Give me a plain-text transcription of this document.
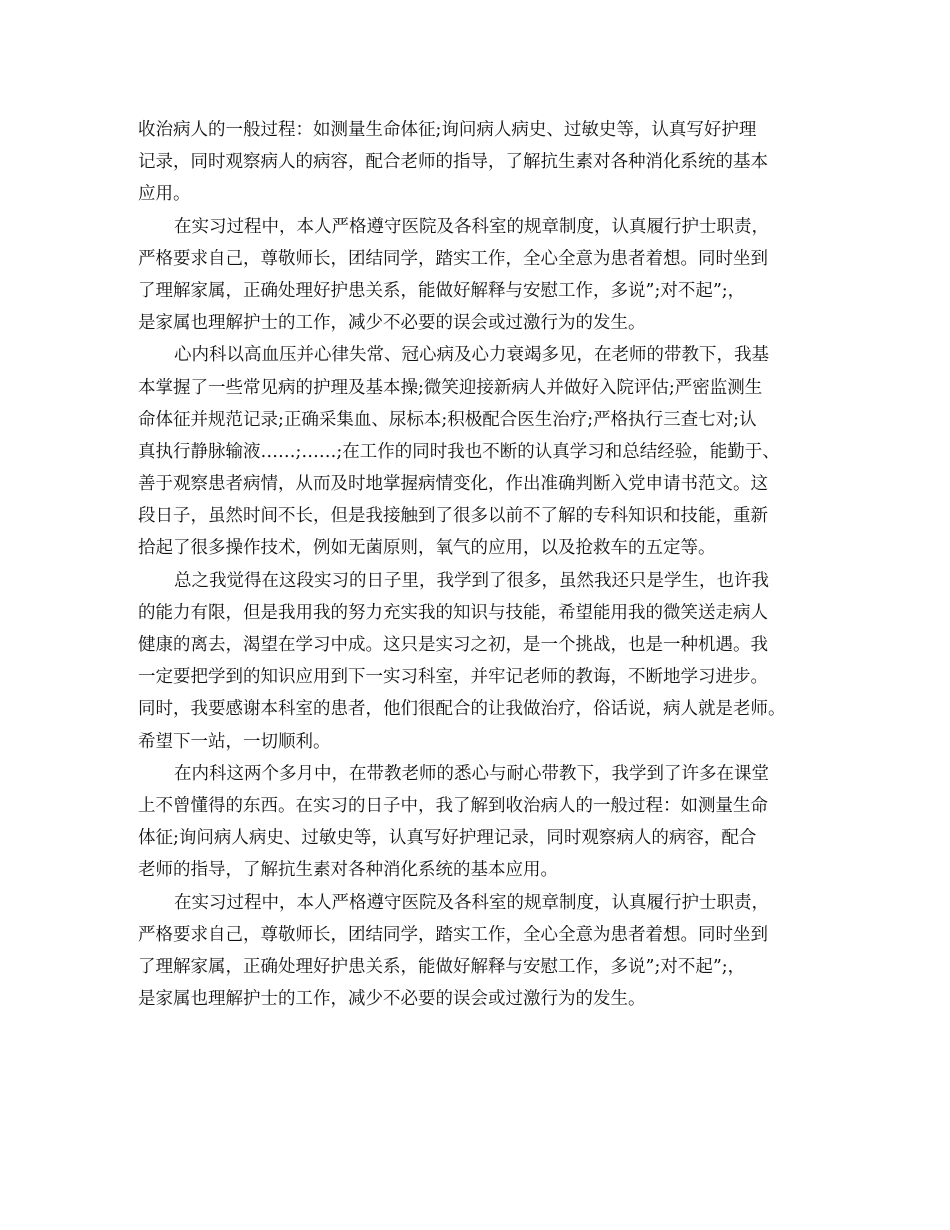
收治病人的一般过程：如测量生命体征;询问病人病史、过敏史等，认真写好护理
记录，同时观察病人的病容，配合老师的指导，了解抗生素对各种消化系统的基本
应用。
在实习过程中，本人严格遵守医院及各科室的规章制度，认真履行护士职责，
严格要求自己，尊敬师长，团结同学，踏实工作，全心全意为患者着想。同时坐到
了理解家属，正确处理好护患关系，能做好解释与安慰工作，多说”;对不起”;，
是家属也理解护士的工作，减少不必要的误会或过激行为的发生。
心内科以高血压并心律失常、冠心病及心力衰竭多见，在老师的带教下，我基
本掌握了一些常见病的护理及基本操;微笑迎接新病人并做好入院评估;严密监测生
命体征并规范记录;正确采集血、尿标本;积极配合医生治疗;严格执行三查七对;认
真执行静脉输液……;……;在工作的同时我也不断的认真学习和总结经验，能勤于、
善于观察患者病情，从而及时地掌握病情变化，作出准确判断入党申请书范文。这
段日子，虽然时间不长，但是我接触到了很多以前不了解的专科知识和技能，重新
拾起了很多操作技术，例如无菌原则，氧气的应用，以及抢救车的五定等。
总之我觉得在这段实习的日子里，我学到了很多，虽然我还只是学生，也许我
的能力有限，但是我用我的努力充实我的知识与技能，希望能用我的微笑送走病人
健康的离去，渴望在学习中成。这只是实习之初，是一个挑战，也是一种机遇。我
一定要把学到的知识应用到下一实习科室，并牢记老师的教诲，不断地学习进步。
同时，我要感谢本科室的患者，他们很配合的让我做治疗，俗话说，病人就是老师。
希望下一站，一切顺利。
在内科这两个多月中，在带教老师的悉心与耐心带教下，我学到了许多在课堂
上不曾懂得的东西。在实习的日子中，我了解到收治病人的一般过程：如测量生命
体征;询问病人病史、过敏史等，认真写好护理记录，同时观察病人的病容，配合
老师的指导，了解抗生素对各种消化系统的基本应用。
在实习过程中，本人严格遵守医院及各科室的规章制度，认真履行护士职责，
严格要求自己，尊敬师长，团结同学，踏实工作，全心全意为患者着想。同时坐到
了理解家属，正确处理好护患关系，能做好解释与安慰工作，多说”;对不起”;，
是家属也理解护士的工作，减少不必要的误会或过激行为的发生。
